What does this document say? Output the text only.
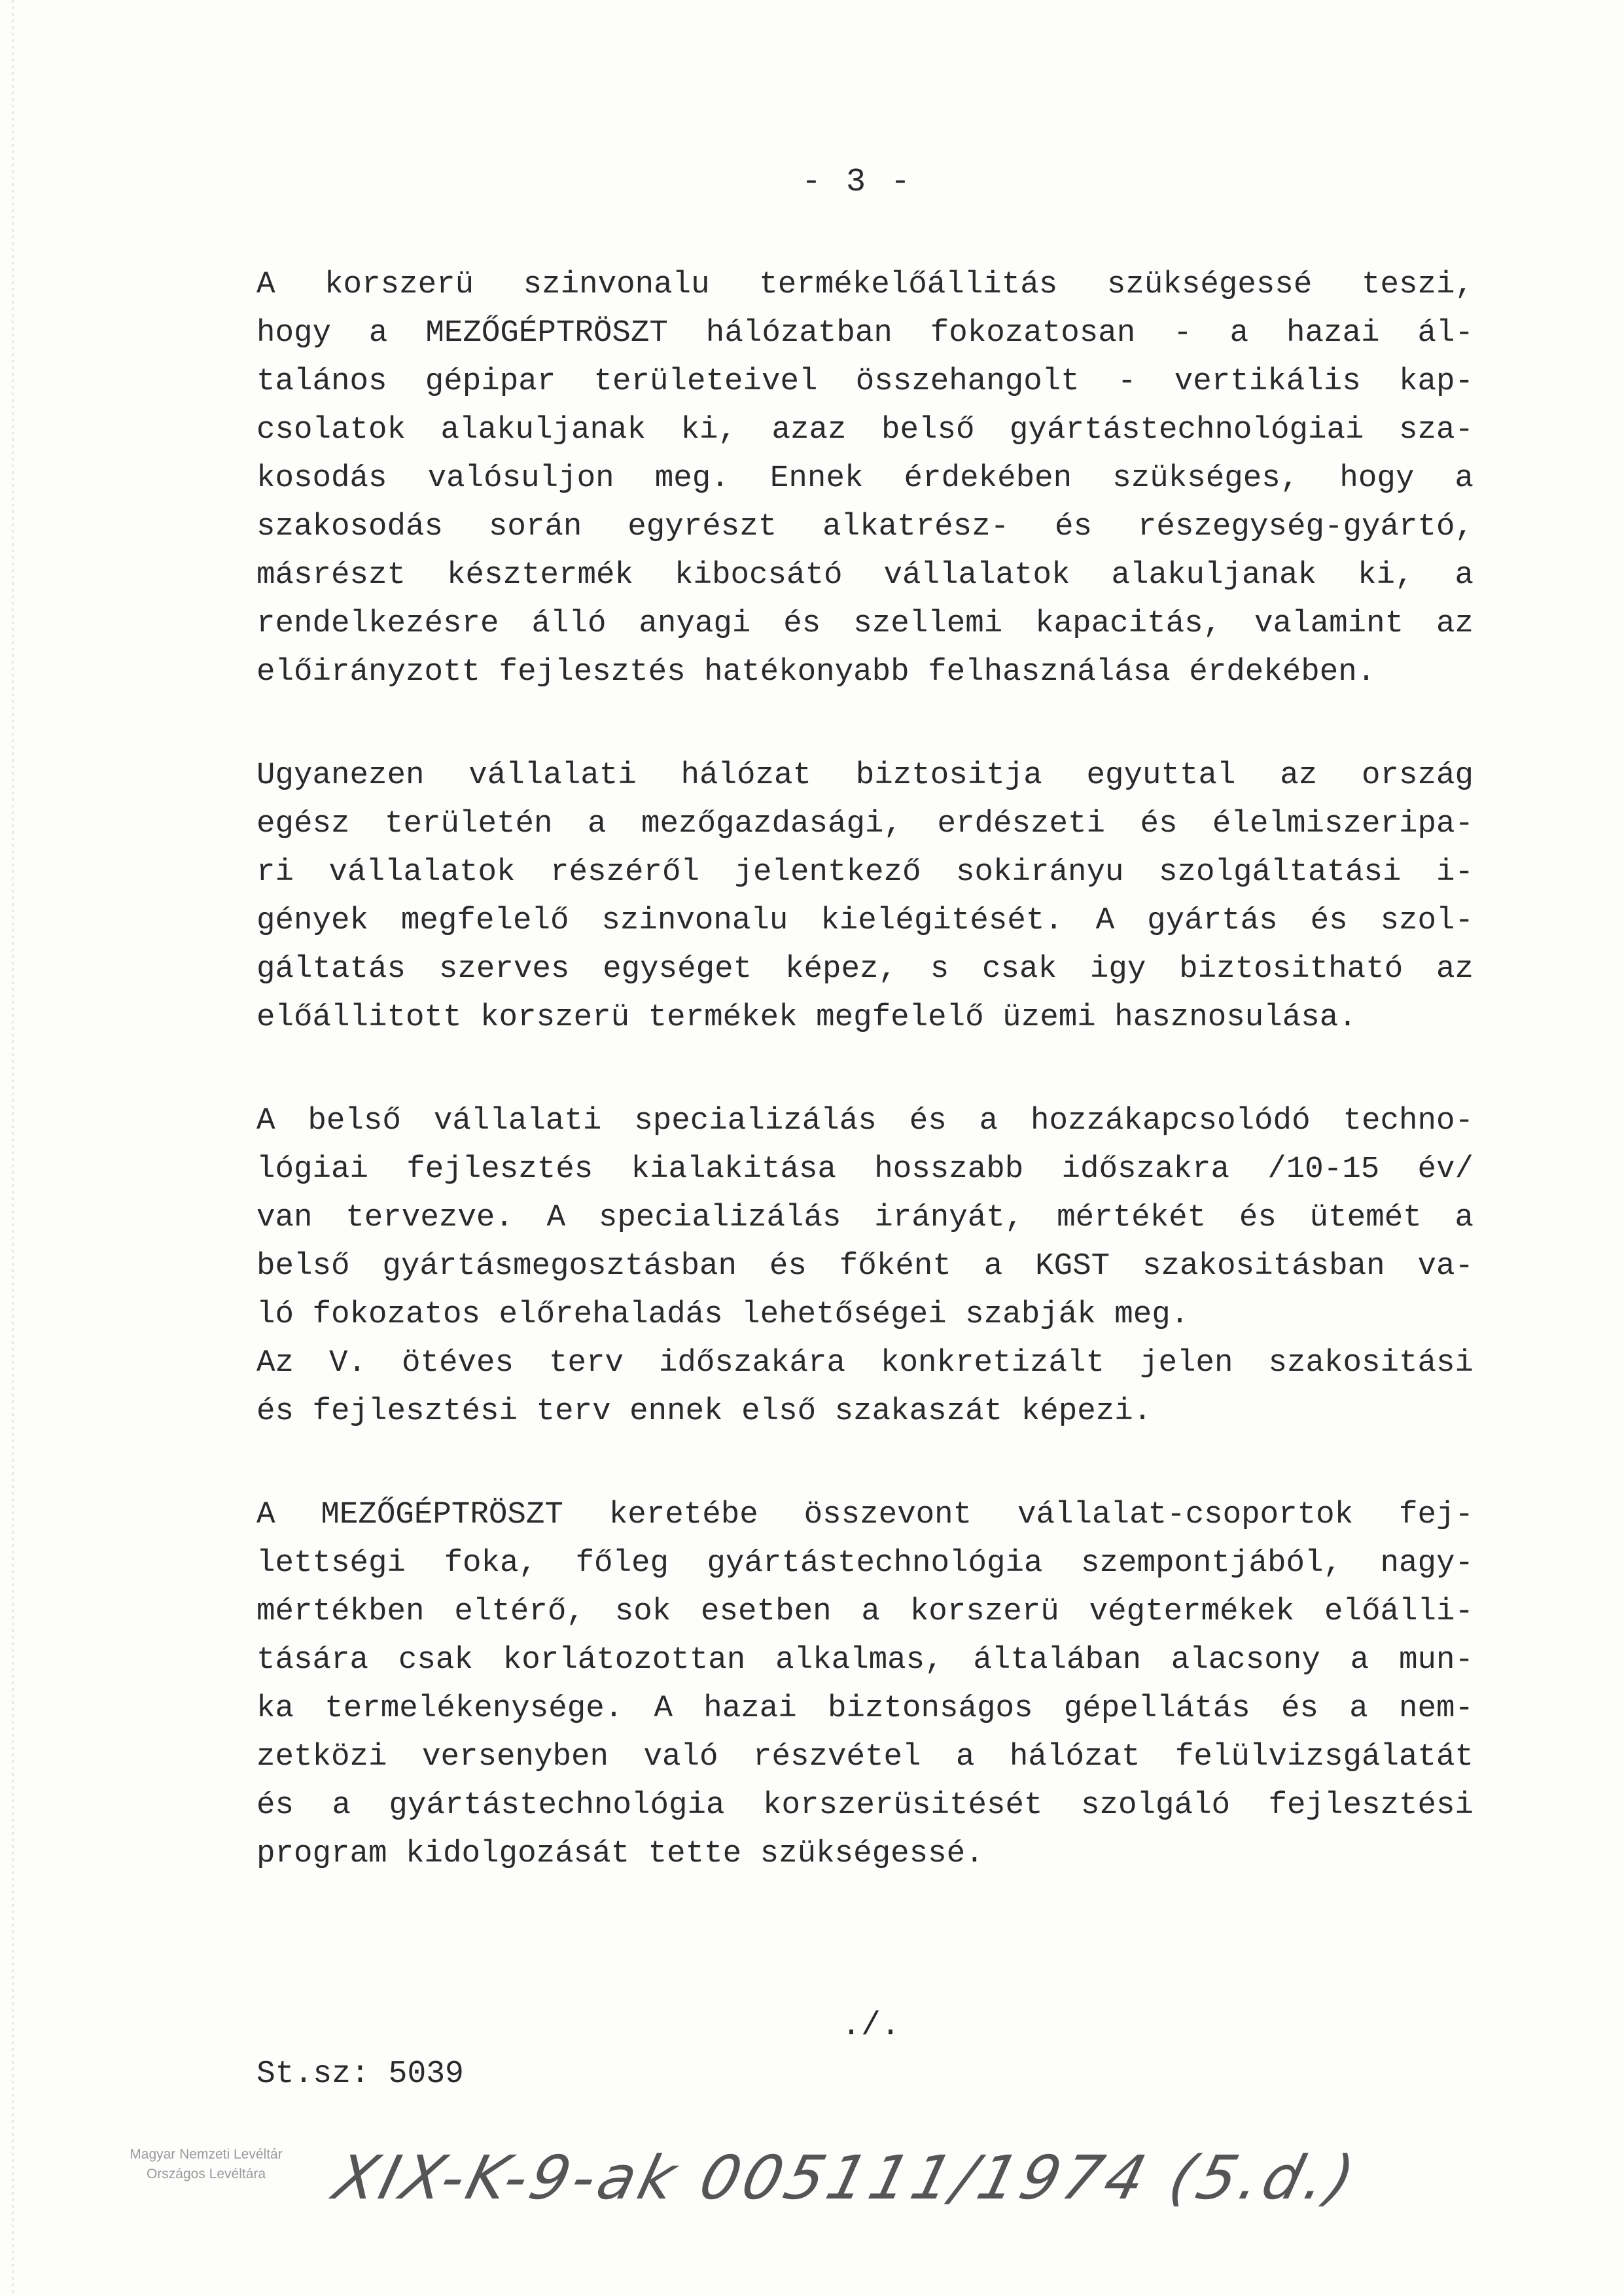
- 3 -
A korszerü szinvonalu termékelőállitás szükségessé teszi,
hogy a MEZŐGÉPTRÖSZT hálózatban fokozatosan - a hazai ál-
talános gépipar területeivel összehangolt - vertikális kap-
csolatok alakuljanak ki, azaz belső gyártástechnológiai sza-
kosodás valósuljon meg. Ennek érdekében szükséges, hogy a
szakosodás során egyrészt alkatrész- és részegység-gyártó,
másrészt késztermék kibocsátó vállalatok alakuljanak ki, a
rendelkezésre álló anyagi és szellemi kapacitás, valamint az
előirányzott fejlesztés hatékonyabb felhasználása érdekében.
Ugyanezen vállalati hálózat biztositja egyuttal az ország
egész területén a mezőgazdasági, erdészeti és élelmiszeripa-
ri vállalatok részéről jelentkező sokirányu szolgáltatási i-
gények megfelelő szinvonalu kielégitését. A gyártás és szol-
gáltatás szerves egységet képez, s csak igy biztositható az
előállitott korszerü termékek megfelelő üzemi hasznosulása.
A belső vállalati specializálás és a hozzákapcsolódó techno-
lógiai fejlesztés kialakitása hosszabb időszakra /10-15 év/
van tervezve. A specializálás irányát, mértékét és ütemét a
belső gyártásmegosztásban és főként a KGST szakositásban va-
ló fokozatos előrehaladás lehetőségei szabják meg.
Az V. ötéves terv időszakára konkretizált jelen szakositási
és fejlesztési terv ennek első szakaszát képezi.
A MEZŐGÉPTRÖSZT keretébe összevont vállalat-csoportok fej-
lettségi foka, főleg gyártástechnológia szempontjából, nagy-
mértékben eltérő, sok esetben a korszerü végtermékek előálli-
tására csak korlátozottan alkalmas, általában alacsony a mun-
ka termelékenysége. A hazai biztonságos gépellátás és a nem-
zetközi versenyben való részvétel a hálózat felülvizsgálatát
és a gyártástechnológia korszerüsitését szolgáló fejlesztési
program kidolgozását tette szükségessé.
./.
St.sz: 5039
Magyar Nemzeti Levéltár
Országos Levéltára	XIX-K-9-ak 005111/1974 (5.d.)
